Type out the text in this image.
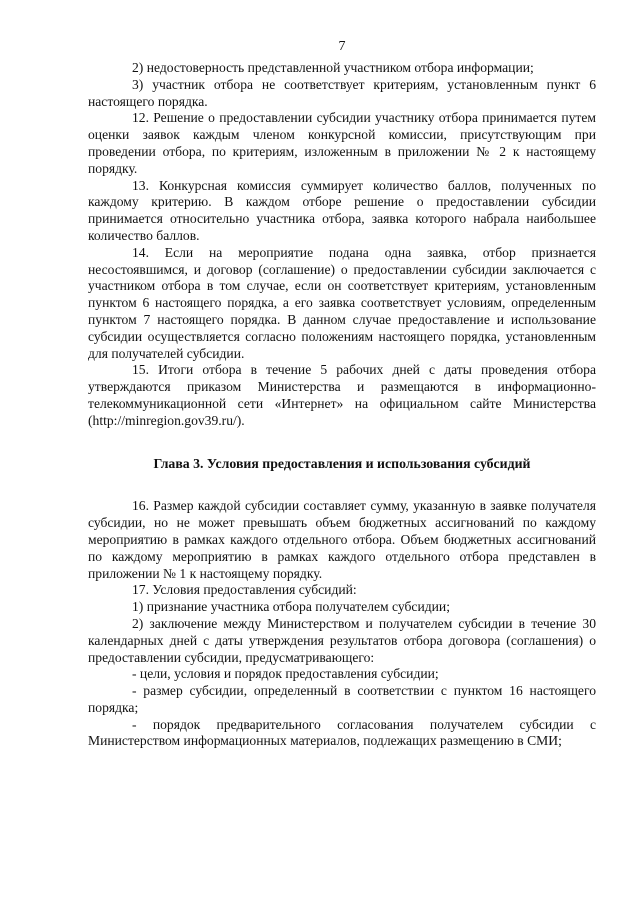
7

2) недостоверность представленной участником отбора информации;

3) участник отбора не соответствует критериям, установленным пункт 6 настоящего порядка.

12. Решение о предоставлении субсидии участнику отбора принимается путем оценки заявок каждым членом конкурсной комиссии, присутствующим при проведении отбора, по критериям, изложенным в приложении № 2 к настоящему порядку.

13. Конкурсная комиссия суммирует количество баллов, полученных по каждому критерию. В каждом отборе решение о предоставлении субсидии принимается относительно участника отбора, заявка которого набрала наибольшее количество баллов.

14. Если на мероприятие подана одна заявка, отбор признается несостоявшимся, и договор (соглашение) о предоставлении субсидии заключается с участником отбора в том случае, если он соответствует критериям, установленным пунктом 6 настоящего порядка, а его заявка соответствует условиям, определенным пунктом 7 настоящего порядка. В данном случае предоставление и использование субсидии осуществляется согласно положениям настоящего порядка, установленным для получателей субсидии.

15. Итоги отбора в течение 5 рабочих дней с даты проведения отбора утверждаются приказом Министерства и размещаются в информационно-телекоммуникационной сети «Интернет» на официальном сайте Министерства (http://minregion.gov39.ru/).

Глава 3. Условия предоставления и использования субсидий

16. Размер каждой субсидии составляет сумму, указанную в заявке получателя субсидии, но не может превышать объем бюджетных ассигнований по каждому мероприятию в рамках каждого отдельного отбора. Объем бюджетных ассигнований по каждому мероприятию в рамках каждого отдельного отбора представлен в приложении № 1 к настоящему порядку.

17. Условия предоставления субсидий:

1) признание участника отбора получателем субсидии;

2) заключение между Министерством и получателем субсидии в течение 30 календарных дней с даты утверждения результатов отбора договора (соглашения) о предоставлении субсидии, предусматривающего:

- цели, условия и порядок предоставления субсидии;

- размер субсидии, определенный в соответствии с пунктом 16 настоящего порядка;

- порядок предварительного согласования получателем субсидии с Министерством информационных материалов, подлежащих размещению в СМИ;
